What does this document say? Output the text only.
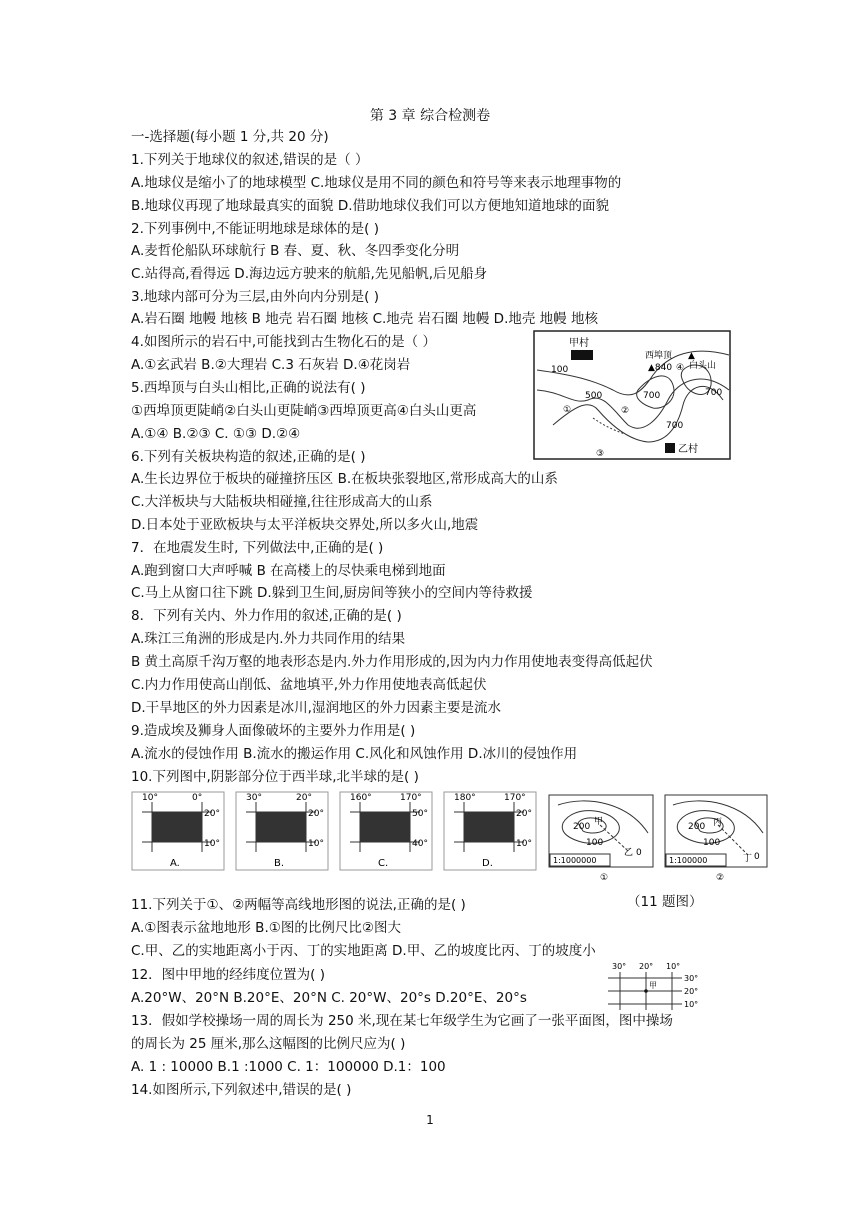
第 3 章 综合检测卷
一-选择题(每小题 1 分,共 20 分)
1.下列关于地球仪的叙述,错误的是（ ）
A.地球仪是缩小了的地球模型 C.地球仪是用不同的颜色和符号等来表示地理事物的
B.地球仪再现了地球最真实的面貌 D.借助地球仪我们可以方便地知道地球的面貌
2.下列事例中,不能证明地球是球体的是( )
A.麦哲伦船队环球航行 B 春、夏、秋、冬四季变化分明
C.站得高,看得远 D.海边远方驶来的航船,先见船帆,后见船身
3.地球内部可分为三层,由外向内分别是( )
A.岩石圈 地幔 地核 B 地壳 岩石圈 地核 C.地壳 岩石圈 地幔 D.地壳 地幔 地核
4.如图所示的岩石中,可能找到古生物化石的是（ ）
A.①玄武岩 B.②大理岩 C.3 石灰岩 D.④花岗岩
5.西埠顶与白头山相比,正确的说法有( )
①西埠顶更陡峭②白头山更陡峭③西埠顶更高④白头山更高
A.①④ B.②③ C. ①③ D.②④
6.下列有关板块构造的叙述,正确的是( )
A.生长边界位于板块的碰撞挤压区 B.在板块张裂地区,常形成高大的山系
C.大洋板块与大陆板块相碰撞,往往形成高大的山系
D.日本处于亚欧板块与太平洋板块交界处,所以多火山,地震
7．在地震发生时, 下列做法中,正确的是( )
A.跑到窗口大声呼喊 B 在高楼上的尽快乘电梯到地面
C.马上从窗口往下跳 D.躲到卫生间,厨房间等狭小的空间内等待救援
8．下列有关内、外力作用的叙述,正确的是( )
A.珠江三角洲的形成是内.外力共同作用的结果
B 黄土高原千沟万壑的地表形态是内.外力作用形成的,因为内力作用使地表变得高低起伏
C.内力作用使高山削低、盆地填平,外力作用使地表高低起伏
D.干旱地区的外力因素是冰川,湿润地区的外力因素主要是流水
9.造成埃及狮身人面像破坏的主要外力作用是( )
A.流水的侵蚀作用 B.流水的搬运作用 C.风化和风蚀作用 D.冰川的侵蚀作用
10.下列图中,阴影部分位于西半球,北半球的是( )
11.下列关于①、②两幅等高线地形图的说法,正确的是( )
A.①图表示盆地地形 B.①图的比例尺比②图大
C.甲、乙的实地距离小于丙、丁的实地距离 D.甲、乙的坡度比丙、丁的坡度小
12．图中甲地的经纬度位置为( )
A.20°W、20°N B.20°E、20°N C. 20°W、20°s D.20°E、20°s
13．假如学校操场一周的周长为 250 米,现在某七年级学生为它画了一张平面图，图中操场
的周长为 25 厘米,那么这幅图的比例尺应为( )
A. 1 : 10000 B.1 :1000 C. 1：100000 D.1：100
14.如图所示,下列叙述中,错误的是( )
（11 题图）
甲村
西埠顶
▲840
▲
白头山
④
100
500	700	700
700
①	②
③	乙村
10°	0°
20°
10°
A.
30°	20°
20°
10°
B.
160°	170°
50°
40°
C.
180°	170°
20°
10°
D.
200
100
0
甲
乙
1:1000000
①
200
100
0
丙
丁
1:100000
②
30° 20° 10°
30°
20°
10°
甲
1
